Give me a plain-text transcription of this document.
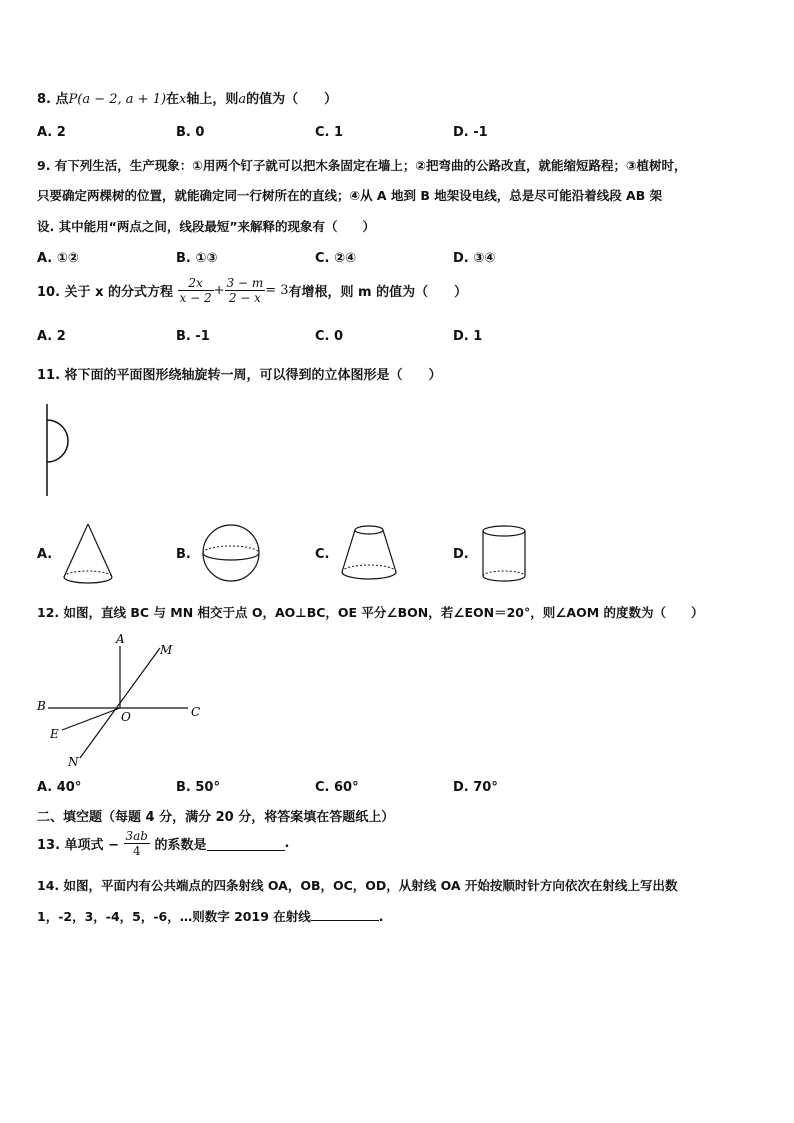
8. 点P(a − 2, a + 1)在x轴上，则a的值为（　　）
A. 2	B. 0	C. 1	D. -1
9. 有下列生活，生产现象：①用两个钉子就可以把木条固定在墙上；②把弯曲的公路改直，就能缩短路程；③植树时，
只要确定两棵树的位置，就能确定同一行树所在的直线；④从 A 地到 B 地架设电线，总是尽可能沿着线段 AB 架
设. 其中能用“两点之间，线段最短”来解释的现象有（　　）
A. ①②	B. ①③	C. ②④	D. ③④
10. 关于 x 的分式方程 $\frac{2x}{x - 2} + \frac{3 - m}{2 - x} = 3$有增根，则 m 的值为（　　）
A. 2	B. -1	C. 0	D. 1
11. 将下面的平面图形绕轴旋转一周，可以得到的立体图形是（　　）
A.	B.	C.	D.
12. 如图，直线 BC 与 MN 相交于点 O，AO⊥BC，OE 平分∠BON，若∠EON＝20°，则∠AOM 的度数为（　　）
A
M
B
O	C
E
N
A. 40°	B. 50°	C. 60°	D. 70°
二、填空题（每题 4 分，满分 20 分，将答案填在答题纸上）
13. 单项式 − $\frac{3ab}{4}$ 的系数是	.
14. 如图，平面内有公共端点的四条射线 OA，OB，OC，OD，从射线 OA 开始按顺时针方向依次在射线上写出数
1，-2，3，-4，5，-6，…则数字 2019 在射线	.
